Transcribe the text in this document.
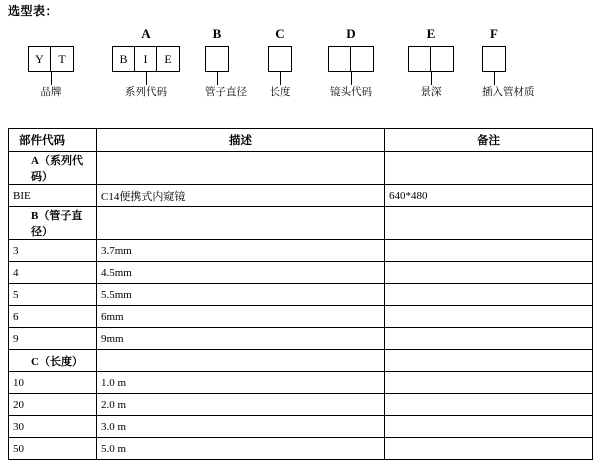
选型表：
Y	T
品牌
A
B	I	E
系列代码
B
管子直径
C
长度
D
镜头代码
E
景深
F
插入管材质
部件代码	描述	备注
A（系列代码）		
BIE	C14便携式内窥镜	640*480
B（管子直径）		
3	3.7mm	
4	4.5mm	
5	5.5mm	
6	6mm	
9	9mm	
C（长度）		
10	1.0 m	
20	2.0 m	
30	3.0 m	
50	5.0 m	
